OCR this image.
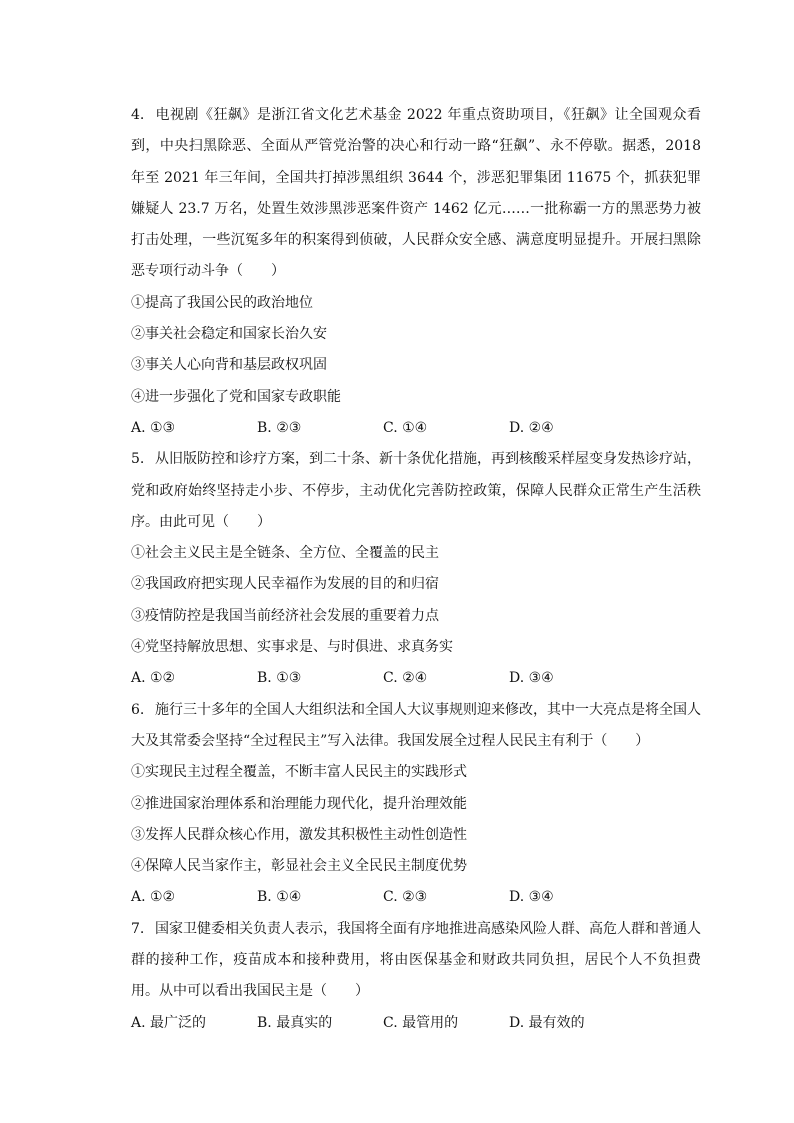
4. 电视剧《狂飙》是浙江省文化艺术基金 2022 年重点资助项目，《狂飙》让全国观众看到，中央扫黑除恶、全面从严管党治警的决心和行动一路“狂飙”、永不停歇。据悉，2018 年至 2021 年三年间，全国共打掉涉黑组织 3644 个，涉恶犯罪集团 11675 个，抓获犯罪嫌疑人 23.7 万名，处置生效涉黑涉恶案件资产 1462 亿元……一批称霸一方的黑恶势力被打击处理，一些沉冤多年的积案得到侦破，人民群众安全感、满意度明显提升。开展扫黑除恶专项行动斗争（　　）
①提高了我国公民的政治地位
②事关社会稳定和国家长治久安
③事关人心向背和基层政权巩固
④进一步强化了党和国家专政职能
A. ①③	B. ②③	C. ①④	D. ②④
5. 从旧版防控和诊疗方案，到二十条、新十条优化措施，再到核酸采样屋变身发热诊疗站，党和政府始终坚持走小步、不停步，主动优化完善防控政策，保障人民群众正常生产生活秩序。由此可见（　　）
①社会主义民主是全链条、全方位、全覆盖的民主
②我国政府把实现人民幸福作为发展的目的和归宿
③疫情防控是我国当前经济社会发展的重要着力点
④党坚持解放思想、实事求是、与时俱进、求真务实
A. ①②	B. ①③	C. ②④	D. ③④
6. 施行三十多年的全国人大组织法和全国人大议事规则迎来修改，其中一大亮点是将全国人大及其常委会坚持“全过程民主”写入法律。我国发展全过程人民民主有利于（　　）
①实现民主过程全覆盖，不断丰富人民民主的实践形式
②推进国家治理体系和治理能力现代化，提升治理效能
③发挥人民群众核心作用，激发其积极性主动性创造性
④保障人民当家作主，彰显社会主义全民民主制度优势
A. ①②	B. ①④	C. ②③	D. ③④
7. 国家卫健委相关负责人表示，我国将全面有序地推进高感染风险人群、高危人群和普通人群的接种工作，疫苗成本和接种费用，将由医保基金和财政共同负担，居民个人不负担费用。从中可以看出我国民主是（　　）
A. 最广泛的	B. 最真实的	C. 最管用的	D. 最有效的
